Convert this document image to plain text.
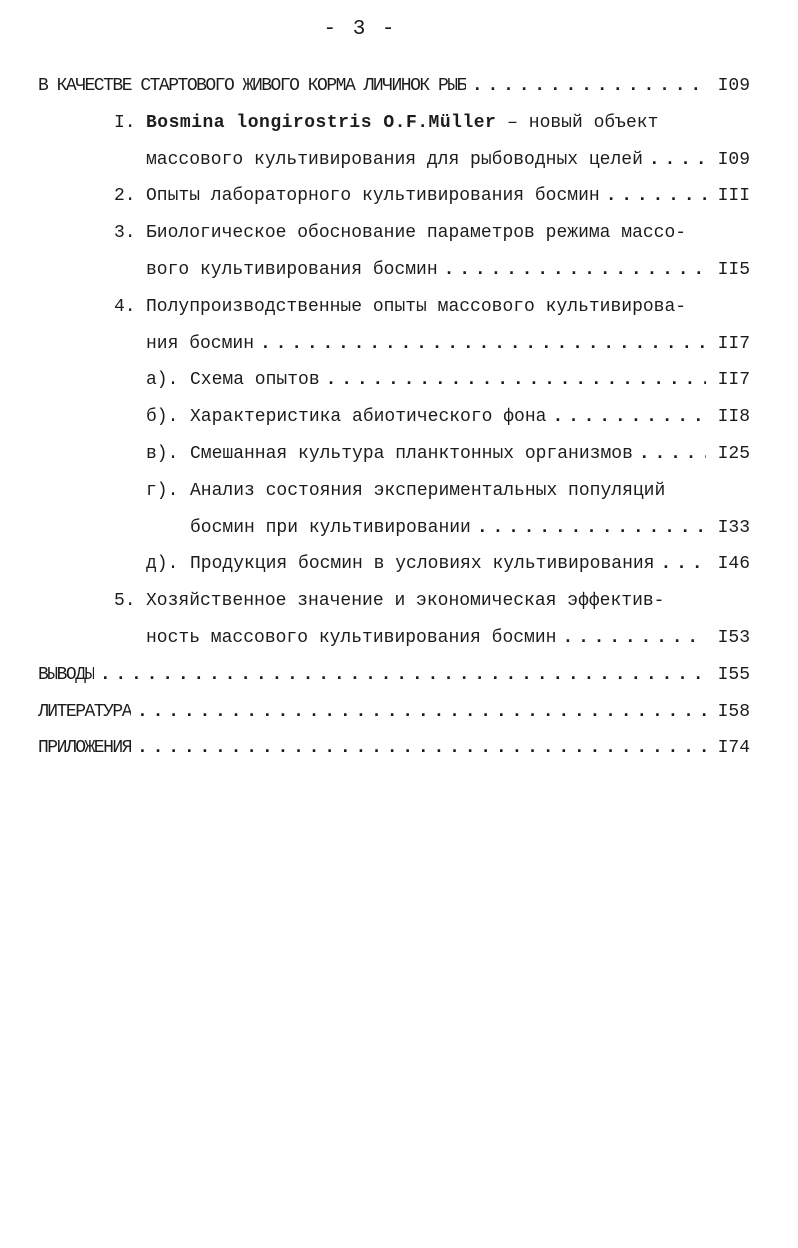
- 3 -
В КАЧЕСТВЕ СТАРТОВОГО ЖИВОГО КОРМА ЛИЧИНОК РЫБ . . .	I09
I. Bosmina longirostris O.F.Müller – новый объект
массового культивирования для рыбоводных целей . . .	I09
2. Опыты лабораторного культивирования босмин . . .	III
3. Биологическое обоснование параметров режима массо-
вого культивирования босмин . . .	II5
4. Полупроизводственные опыты массового культивирова-
ния босмин . . .	II7
а). Схема опытов . . .	II7
б). Характеристика абиотического фона . . .	II8
в). Смешанная культура планктонных организмов . . .	I25
г). Анализ состояния экспериментальных популяций
босмин при культивировании . . .	I33
д). Продукция босмин в условиях культивирования . . .	I46
5. Хозяйственное значение и экономическая эффектив-
ность массового культивирования босмин . . .	I53
ВЫВОДЫ . . .	I55
ЛИТЕРАТУРА . . .	I58
ПРИЛОЖЕНИЯ . . .	I74
